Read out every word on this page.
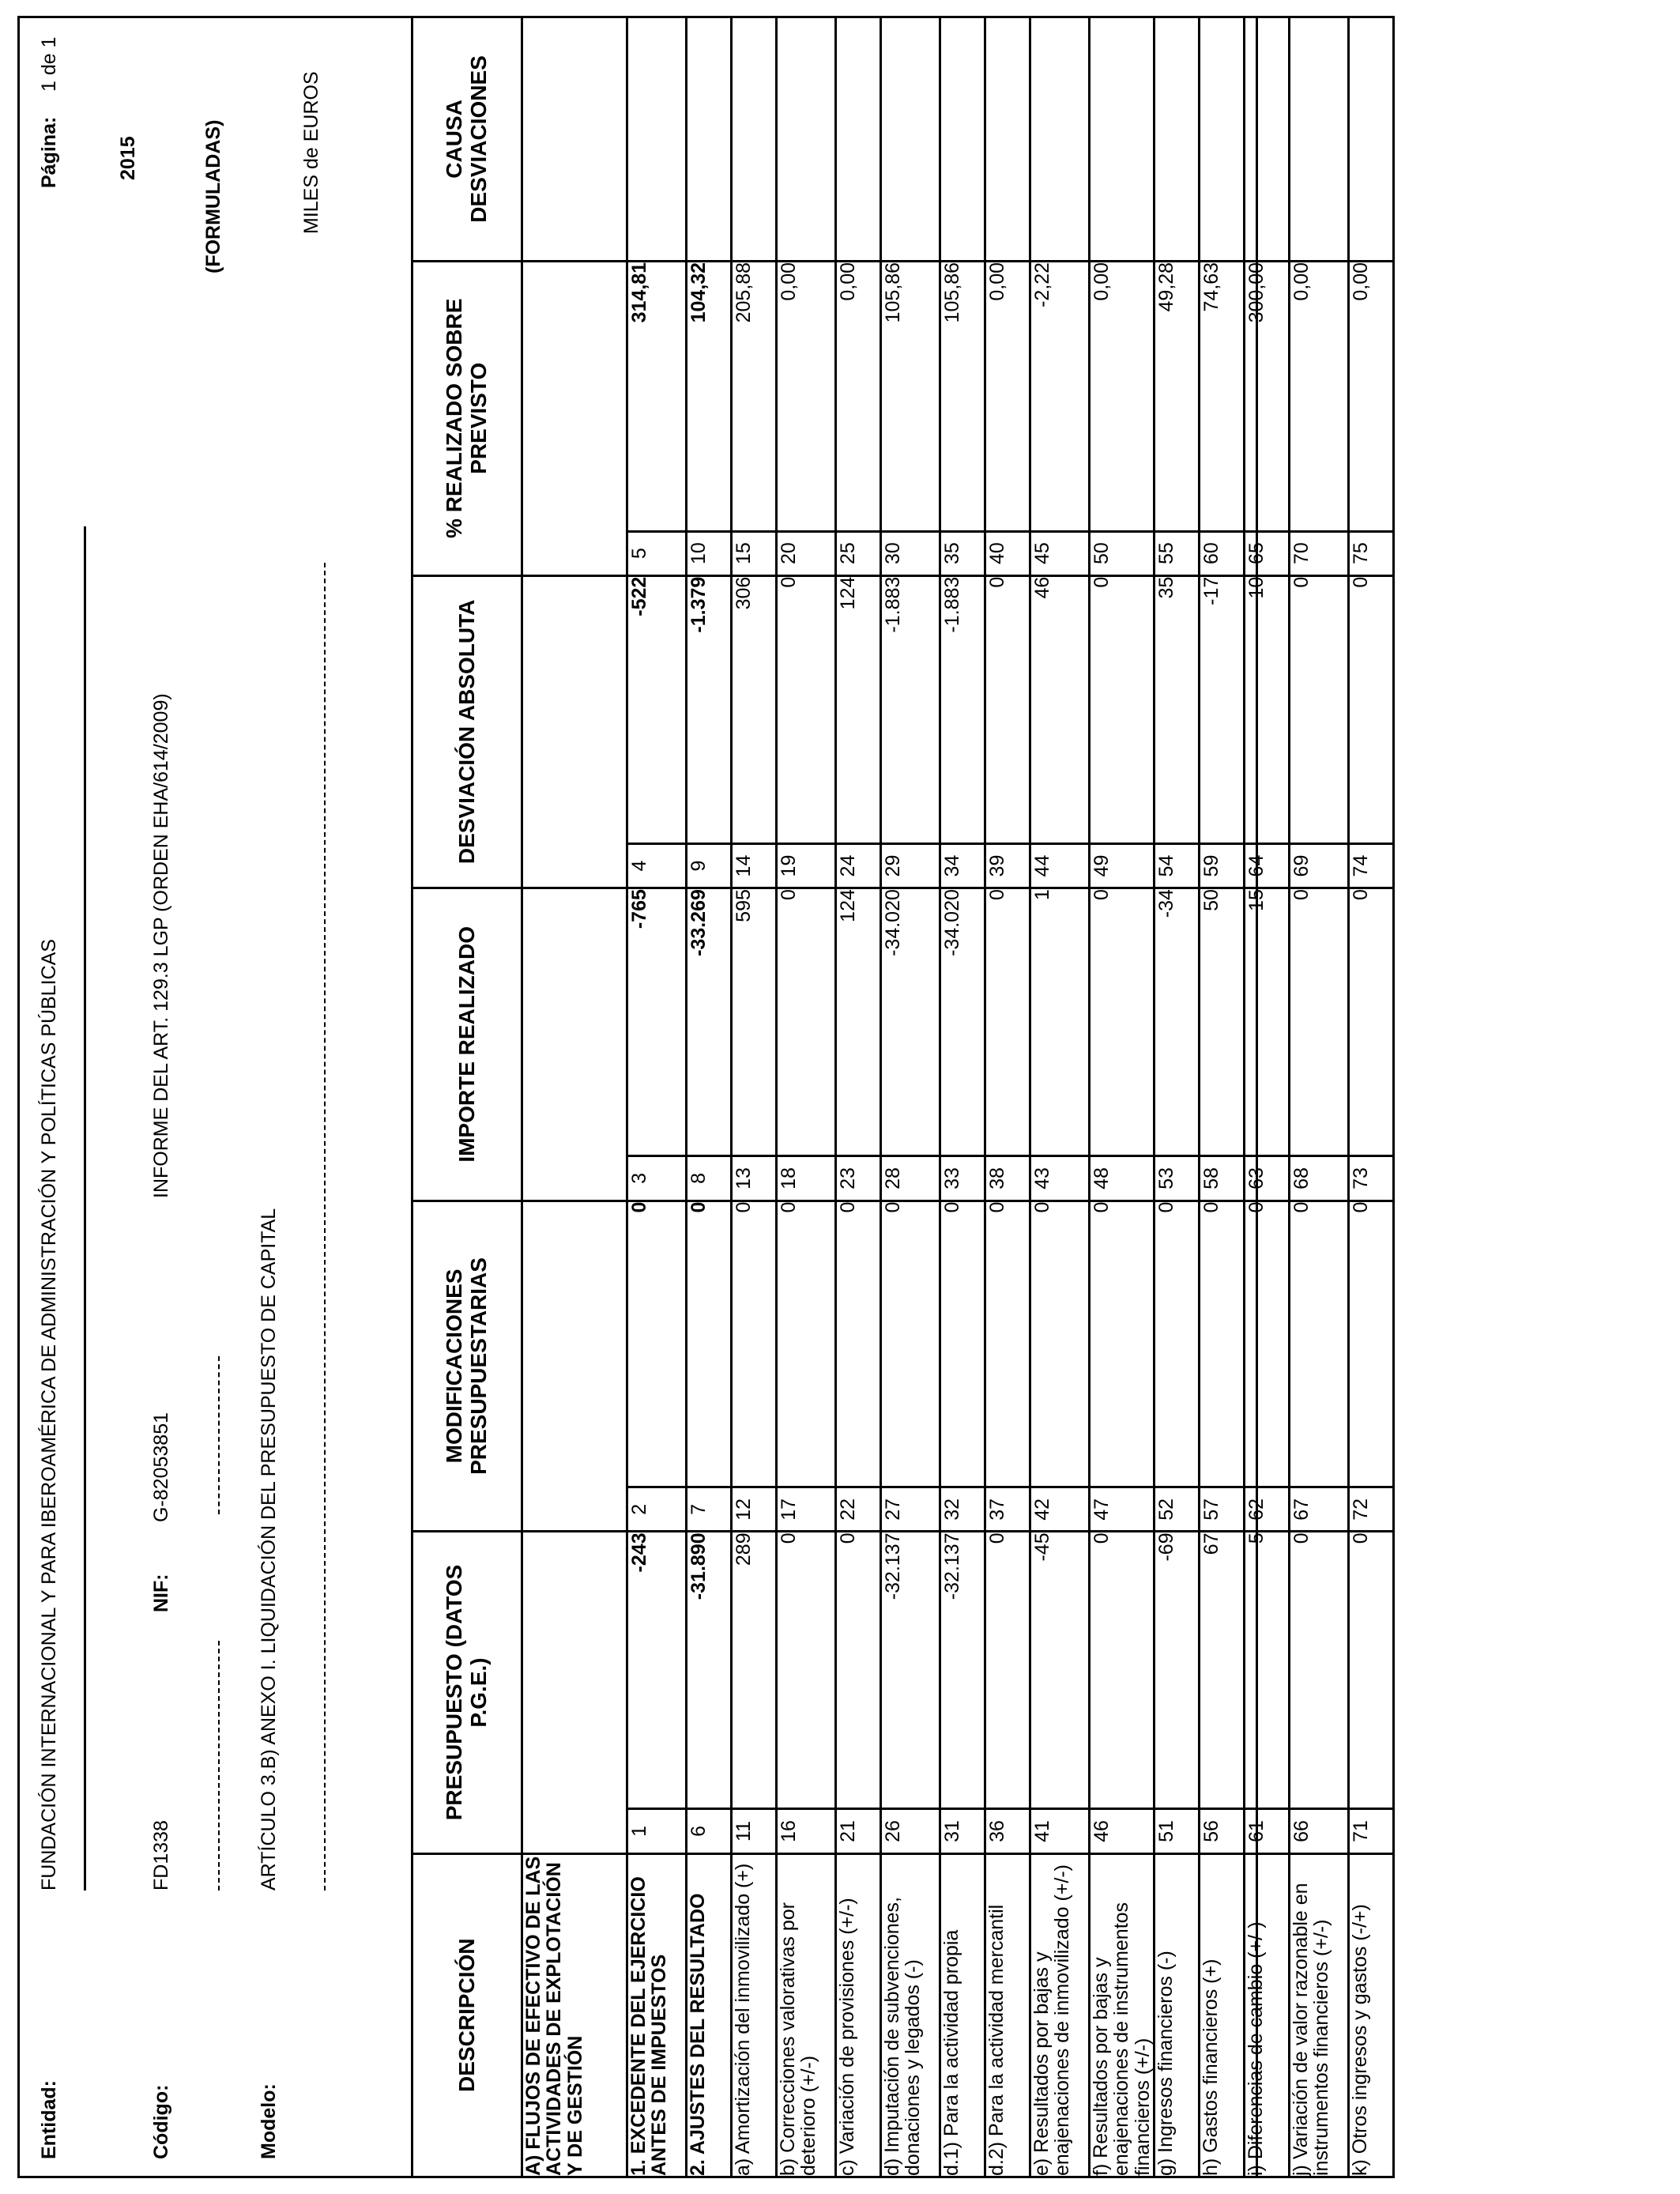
Entidad:
FUNDACIÓN INTERNACIONAL Y PARA IBEROAMÉRICA DE ADMINISTRACIÓN Y POLÍTICAS PÚBLICAS
Página:
1 de 1
2015
Código:
FD1338
NIF:
G-82053851
INFORME DEL ART. 129.3 LGP (ORDEN EHA/614/2009)
(FORMULADAS)
Modelo:
ARTÍCULO 3.B) ANEXO I. LIQUIDACIÓN DEL PRESUPUESTO DE CAPITAL
MILES de EUROS
DESCRIPCIÓN	PRESUPUESTO (DATOS P.G.E.)		MODIFICACIONES PRESUPUESTARIAS		IMPORTE REALIZADO		DESVIACIÓN ABSOLUTA		% REALIZADO SOBRE PREVISTO		CAUSA DESVIACIONES
A) FLUJOS DE EFECTIVO DE LAS ACTIVIDADES DE EXPLOTACIÓN Y DE GESTIÓN											
1. EXCEDENTE DEL EJERCICIO ANTES DE IMPUESTOS	1	-243	2	0	3	-765	4	-522	5	314,81	
2. AJUSTES DEL RESULTADO	6	-31.890	7	0	8	-33.269	9	-1.379	10	104,32	
a) Amortización del inmovilizado (+)	11	289	12	0	13	595	14	306	15	205,88	
b) Correcciones valorativas por deterioro (+/-)	16	0	17	0	18	0	19	0	20	0,00	
c) Variación de provisiones (+/-)	21	0	22	0	23	124	24	124	25	0,00	
d) Imputación de subvenciones, donaciones y legados (-)	26	-32.137	27	0	28	-34.020	29	-1.883	30	105,86	
d.1) Para la actividad propia	31	-32.137	32	0	33	-34.020	34	-1.883	35	105,86	
d.2) Para la actividad mercantil	36	0	37	0	38	0	39	0	40	0,00	
e) Resultados por bajas y enajenaciones de inmovilizado (+/-)	41	-45	42	0	43	1	44	46	45	-2,22	
f) Resultados por bajas y enajenaciones de instrumentos financieros (+/-)	46	0	47	0	48	0	49	0	50	0,00	
g) Ingresos financieros (-)	51	-69	52	0	53	-34	54	35	55	49,28	
h) Gastos financieros (+)	56	67	57	0	58	50	59	-17	60	74,63	
i) Diferencias de cambio (+/-)	61	5	62	0	63	15	64	10	65	300,00	
j) Variación de valor razonable en instrumentos financieros (+/-)	66	0	67	0	68	0	69	0	70	0,00	
k) Otros ingresos y gastos (-/+)	71	0	72	0	73	0	74	0	75	0,00	
